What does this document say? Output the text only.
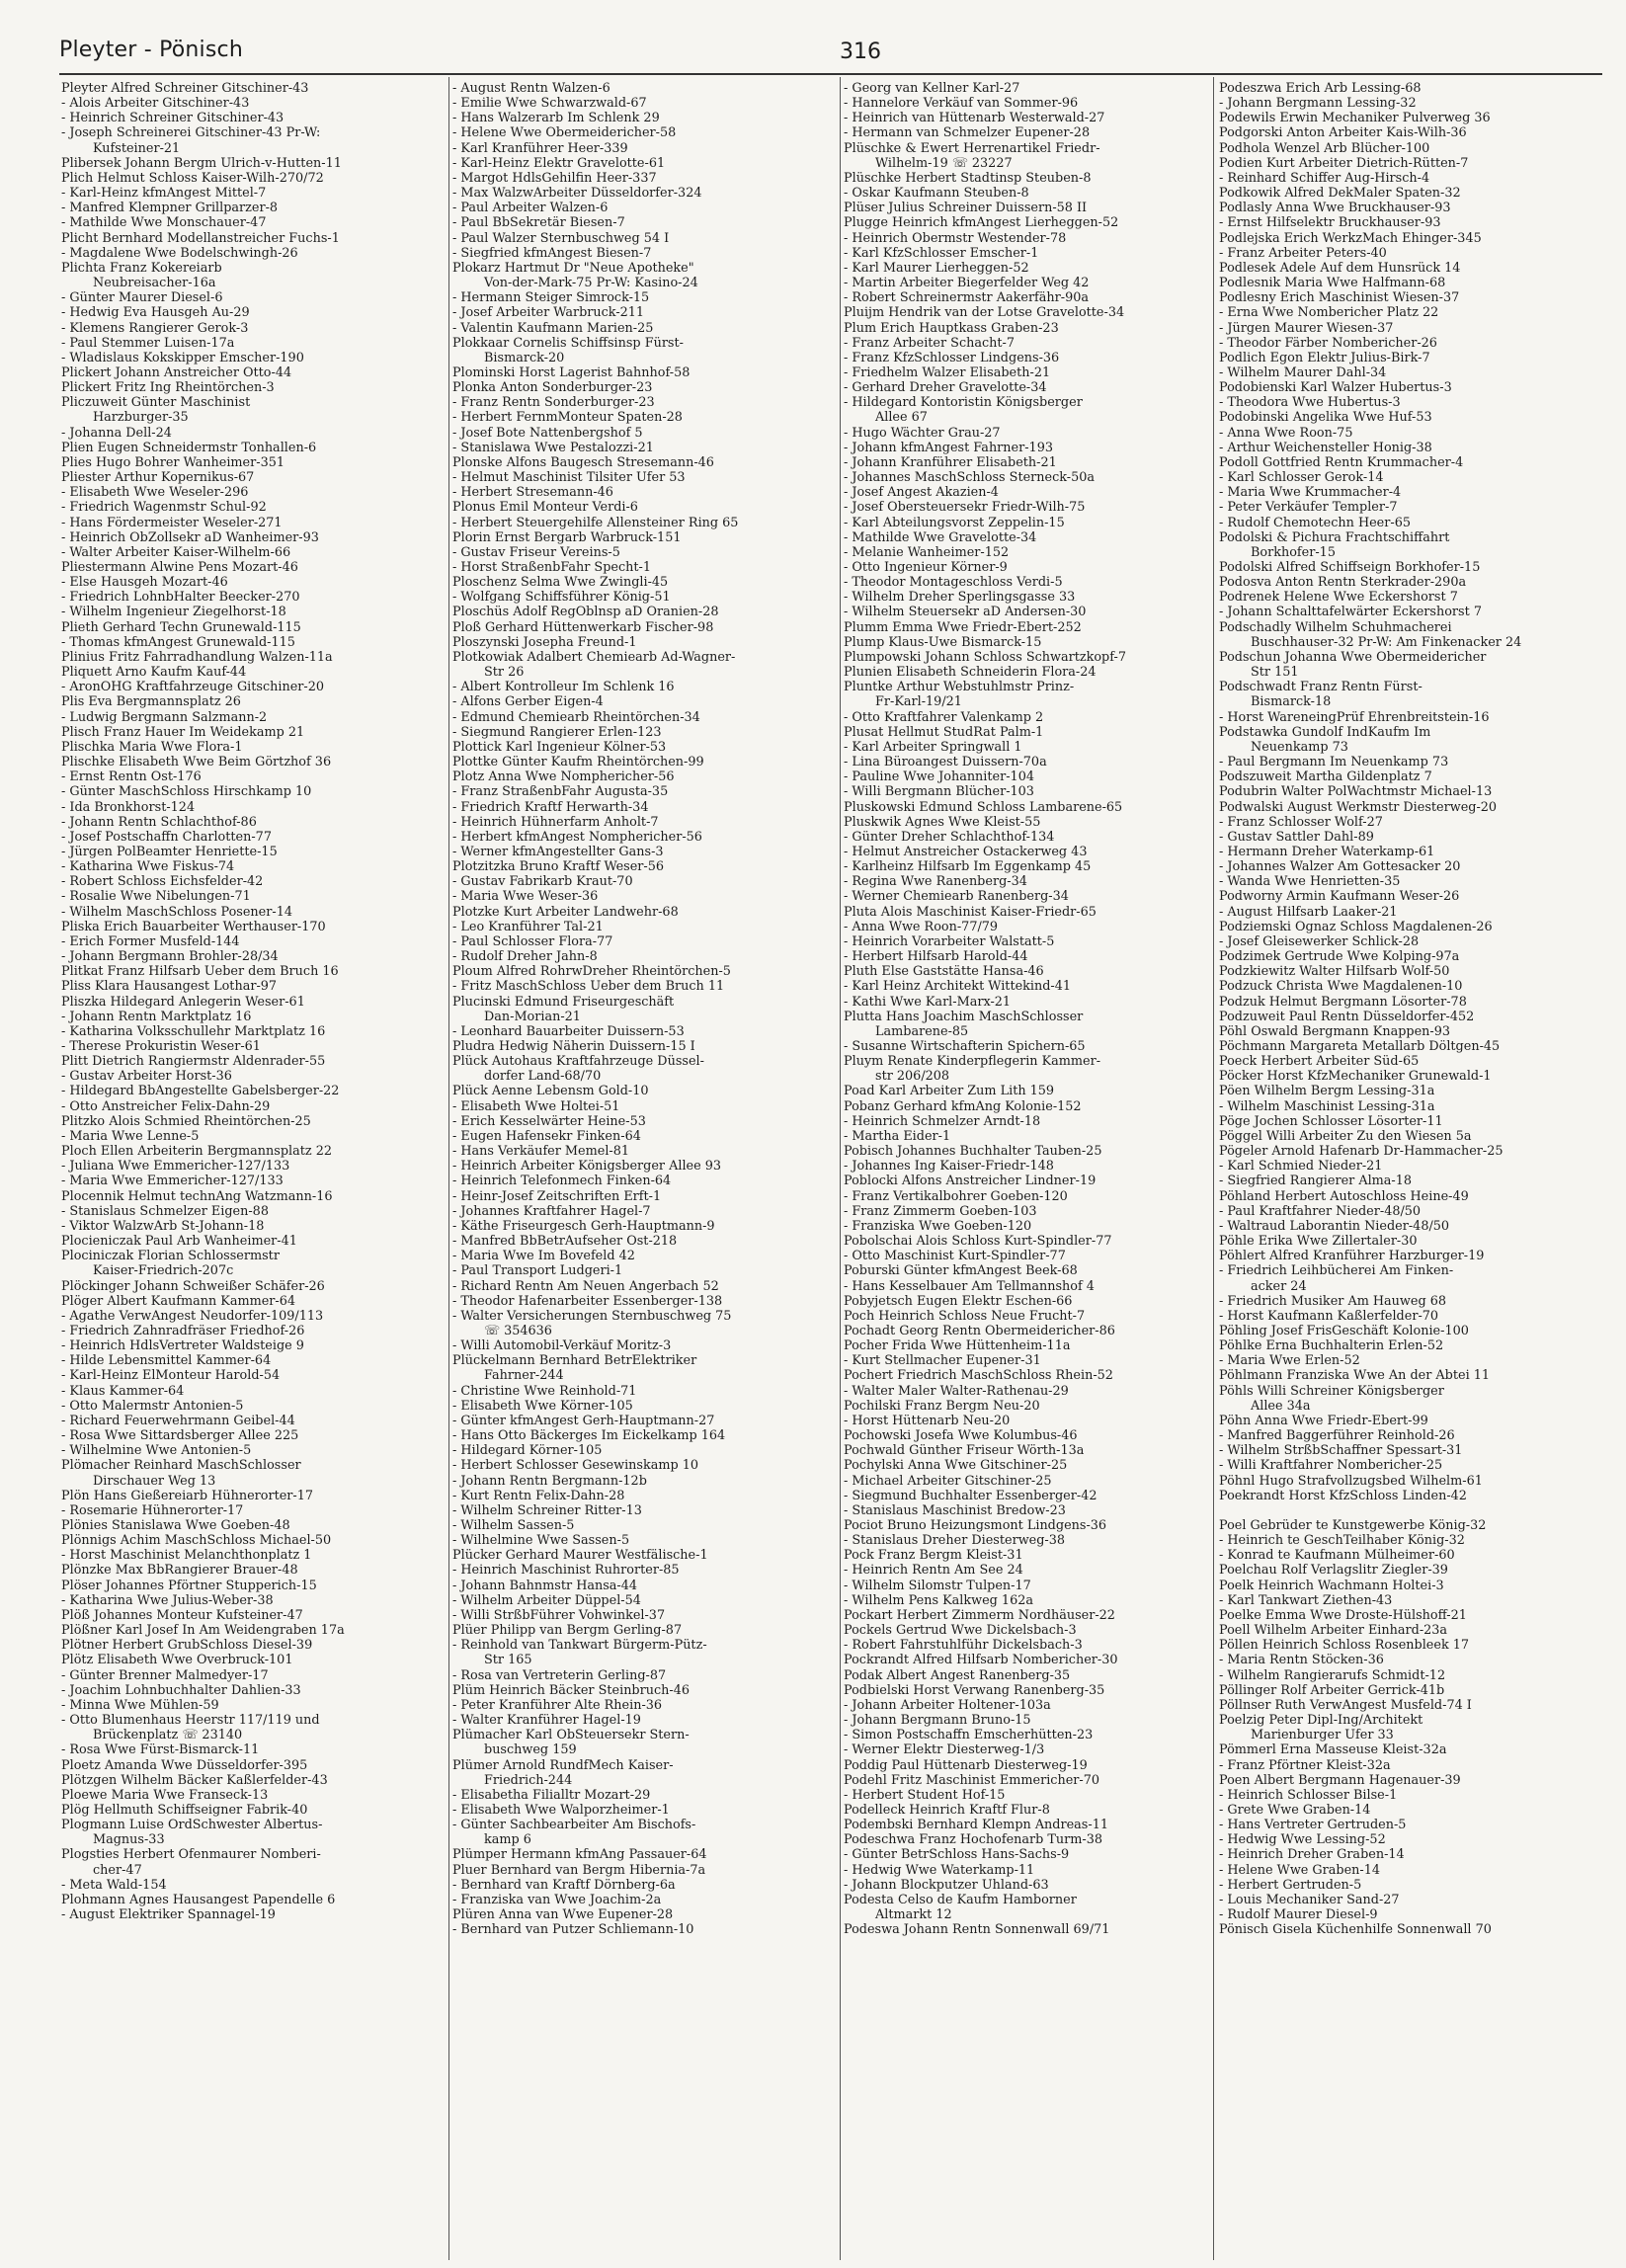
Pleyter - Pönisch	316
Pleyter Alfred Schreiner Gitschiner-43
- Alois Arbeiter Gitschiner-43
- Heinrich Schreiner Gitschiner-43
- Joseph Schreinerei Gitschiner-43 Pr-W:
Kufsteiner-21
Plibersek Johann Bergm Ulrich-v-Hutten-11
Plich Helmut Schloss Kaiser-Wilh-270/72
- Karl-Heinz kfmAngest Mittel-7
- Manfred Klempner Grillparzer-8
- Mathilde Wwe Monschauer-47
Plicht Bernhard Modellanstreicher Fuchs-1
- Magdalene Wwe Bodelschwingh-26
Plichta Franz Kokereiarb
Neubreisacher-16a
- Günter Maurer Diesel-6
- Hedwig Eva Hausgeh Au-29
- Klemens Rangierer Gerok-3
- Paul Stemmer Luisen-17a
- Wladislaus Kokskipper Emscher-190
Plickert Johann Anstreicher Otto-44
Plickert Fritz Ing Rheintörchen-3
Pliczuweit Günter Maschinist
Harzburger-35
- Johanna Dell-24
Plien Eugen Schneidermstr Tonhallen-6
Plies Hugo Bohrer Wanheimer-351
Pliester Arthur Kopernikus-67
- Elisabeth Wwe Weseler-296
- Friedrich Wagenmstr Schul-92
- Hans Fördermeister Weseler-271
- Heinrich ObZollsekr aD Wanheimer-93
- Walter Arbeiter Kaiser-Wilhelm-66
Pliestermann Alwine Pens Mozart-46
- Else Hausgeh Mozart-46
- Friedrich LohnbHalter Beecker-270
- Wilhelm Ingenieur Ziegelhorst-18
Plieth Gerhard Techn Grunewald-115
- Thomas kfmAngest Grunewald-115
Plinius Fritz Fahrradhandlung Walzen-11a
Pliquett Arno Kaufm Kauf-44
- AronOHG Kraftfahrzeuge Gitschiner-20
Plis Eva Bergmannsplatz 26
- Ludwig Bergmann Salzmann-2
Plisch Franz Hauer Im Weidekamp 21
Plischka Maria Wwe Flora-1
Plischke Elisabeth Wwe Beim Görtzhof 36
- Ernst Rentn Ost-176
- Günter MaschSchloss Hirschkamp 10
- Ida Bronkhorst-124
- Johann Rentn Schlachthof-86
- Josef Postschaffn Charlotten-77
- Jürgen PolBeamter Henriette-15
- Katharina Wwe Fiskus-74
- Robert Schloss Eichsfelder-42
- Rosalie Wwe Nibelungen-71
- Wilhelm MaschSchloss Posener-14
Pliska Erich Bauarbeiter Werthauser-170
- Erich Former Musfeld-144
- Johann Bergmann Brohler-28/34
Plitkat Franz Hilfsarb Ueber dem Bruch 16
Pliss Klara Hausangest Lothar-97
Pliszka Hildegard Anlegerin Weser-61
- Johann Rentn Marktplatz 16
- Katharina Volksschullehr Marktplatz 16
- Therese Prokuristin Weser-61
Plitt Dietrich Rangiermstr Aldenrader-55
- Gustav Arbeiter Horst-36
- Hildegard BbAngestellte Gabelsberger-22
- Otto Anstreicher Felix-Dahn-29
Plitzko Alois Schmied Rheintörchen-25
- Maria Wwe Lenne-5
Ploch Ellen Arbeiterin Bergmannsplatz 22
- Juliana Wwe Emmericher-127/133
- Maria Wwe Emmericher-127/133
Plocennik Helmut technAng Watzmann-16
- Stanislaus Schmelzer Eigen-88
- Viktor WalzwArb St-Johann-18
Plocieniczak Paul Arb Wanheimer-41
Plociniczak Florian Schlossermstr
Kaiser-Friedrich-207c
Plöckinger Johann Schweißer Schäfer-26
Plöger Albert Kaufmann Kammer-64
- Agathe VerwAngest Neudorfer-109/113
- Friedrich Zahnradfräser Friedhof-26
- Heinrich HdlsVertreter Waldsteige 9
- Hilde Lebensmittel Kammer-64
- Karl-Heinz ElMonteur Harold-54
- Klaus Kammer-64
- Otto Malermstr Antonien-5
- Richard Feuerwehrmann Geibel-44
- Rosa Wwe Sittardsberger Allee 225
- Wilhelmine Wwe Antonien-5
Plömacher Reinhard MaschSchlosser
Dirschauer Weg 13
Plön Hans Gießereiarb Hühnerorter-17
- Rosemarie Hühnerorter-17
Plönies Stanislawa Wwe Goeben-48
Plönnigs Achim MaschSchloss Michael-50
- Horst Maschinist Melanchthonplatz 1
Plönzke Max BbRangierer Brauer-48
Plöser Johannes Pförtner Stupperich-15
- Katharina Wwe Julius-Weber-38
Plöß Johannes Monteur Kufsteiner-47
Plößner Karl Josef In Am Weidengraben 17a
Plötner Herbert GrubSchloss Diesel-39
Plötz Elisabeth Wwe Overbruck-101
- Günter Brenner Malmedyer-17
- Joachim Lohnbuchhalter Dahlien-33
- Minna Wwe Mühlen-59
- Otto Blumenhaus Heerstr 117/119 und
Brückenplatz ☏ 23140
- Rosa Wwe Fürst-Bismarck-11
Ploetz Amanda Wwe Düsseldorfer-395
Plötzgen Wilhelm Bäcker Kaßlerfelder-43
Ploewe Maria Wwe Franseck-13
Plög Hellmuth Schiffseigner Fabrik-40
Plogmann Luise OrdSchwester Albertus-
Magnus-33
Plogsties Herbert Ofenmaurer Nomberi-
cher-47
- Meta Wald-154
Plohmann Agnes Hausangest Papendelle 6
- August Elektriker Spannagel-19
- August Rentn Walzen-6
- Emilie Wwe Schwarzwald-67
- Hans Walzerarb Im Schlenk 29
- Helene Wwe Obermeidericher-58
- Karl Kranführer Heer-339
- Karl-Heinz Elektr Gravelotte-61
- Margot HdlsGehilfin Heer-337
- Max WalzwArbeiter Düsseldorfer-324
- Paul Arbeiter Walzen-6
- Paul BbSekretär Biesen-7
- Paul Walzer Sternbuschweg 54 I
- Siegfried kfmAngest Biesen-7
Plokarz Hartmut Dr "Neue Apotheke"
Von-der-Mark-75 Pr-W: Kasino-24
- Hermann Steiger Simrock-15
- Josef Arbeiter Warbruck-211
- Valentin Kaufmann Marien-25
Plokkaar Cornelis Schiffsinsp Fürst-
Bismarck-20
Plominski Horst Lagerist Bahnhof-58
Plonka Anton Sonderburger-23
- Franz Rentn Sonderburger-23
- Herbert FernmMonteur Spaten-28
- Josef Bote Nattenbergshof 5
- Stanislawa Wwe Pestalozzi-21
Plonske Alfons Baugesch Stresemann-46
- Helmut Maschinist Tilsiter Ufer 53
- Herbert Stresemann-46
Plonus Emil Monteur Verdi-6
- Herbert Steuergehilfe Allensteiner Ring 65
Plorin Ernst Bergarb Warbruck-151
- Gustav Friseur Vereins-5
- Horst StraßenbFahr Specht-1
Ploschenz Selma Wwe Zwingli-45
- Wolfgang Schiffsführer König-51
Ploschüs Adolf RegOblnsp aD Oranien-28
Ploß Gerhard Hüttenwerkarb Fischer-98
Ploszynski Josepha Freund-1
Plotkowiak Adalbert Chemiearb Ad-Wagner-
Str 26
- Albert Kontrolleur Im Schlenk 16
- Alfons Gerber Eigen-4
- Edmund Chemiearb Rheintörchen-34
- Siegmund Rangierer Erlen-123
Plottick Karl Ingenieur Kölner-53
Plottke Günter Kaufm Rheintörchen-99
Plotz Anna Wwe Nomphericher-56
- Franz StraßenbFahr Augusta-35
- Friedrich Kraftf Herwarth-34
- Heinrich Hühnerfarm Anholt-7
- Herbert kfmAngest Nomphericher-56
- Werner kfmAngestellter Gans-3
Plotzitzka Bruno Kraftf Weser-56
- Gustav Fabrikarb Kraut-70
- Maria Wwe Weser-36
Plotzke Kurt Arbeiter Landwehr-68
- Leo Kranführer Tal-21
- Paul Schlosser Flora-77
- Rudolf Dreher Jahn-8
Ploum Alfred RohrwDreher Rheintörchen-5
- Fritz MaschSchloss Ueber dem Bruch 11
Plucinski Edmund Friseurgeschäft
Dan-Morian-21
- Leonhard Bauarbeiter Duissern-53
Pludra Hedwig Näherin Duissern-15 I
Plück Autohaus Kraftfahrzeuge Düssel-
dorfer Land-68/70
Plück Aenne Lebensm Gold-10
- Elisabeth Wwe Holtei-51
- Erich Kesselwärter Heine-53
- Eugen Hafensekr Finken-64
- Hans Verkäufer Memel-81
- Heinrich Arbeiter Königsberger Allee 93
- Heinrich Telefonmech Finken-64
- Heinr-Josef Zeitschriften Erft-1
- Johannes Kraftfahrer Hagel-7
- Käthe Friseurgesch Gerh-Hauptmann-9
- Manfred BbBetrAufseher Ost-218
- Maria Wwe Im Bovefeld 42
- Paul Transport Ludgeri-1
- Richard Rentn Am Neuen Angerbach 52
- Theodor Hafenarbeiter Essenberger-138
- Walter Versicherungen Sternbuschweg 75
☏ 354636
- Willi Automobil-Verkäuf Moritz-3
Plückelmann Bernhard BetrElektriker
Fahrner-244
- Christine Wwe Reinhold-71
- Elisabeth Wwe Körner-105
- Günter kfmAngest Gerh-Hauptmann-27
- Hans Otto Bäckerges Im Eickelkamp 164
- Hildegard Körner-105
- Herbert Schlosser Gesewinskamp 10
- Johann Rentn Bergmann-12b
- Kurt Rentn Felix-Dahn-28
- Wilhelm Schreiner Ritter-13
- Wilhelm Sassen-5
- Wilhelmine Wwe Sassen-5
Plücker Gerhard Maurer Westfälische-1
- Heinrich Maschinist Ruhrorter-85
- Johann Bahnmstr Hansa-44
- Wilhelm Arbeiter Düppel-54
- Willi StrßbFührer Vohwinkel-37
Plüer Philipp van Bergm Gerling-87
- Reinhold van Tankwart Bürgerm-Pütz-
Str 165
- Rosa van Vertreterin Gerling-87
Plüm Heinrich Bäcker Steinbruch-46
- Peter Kranführer Alte Rhein-36
- Walter Kranführer Hagel-19
Plümacher Karl ObSteuersekr Stern-
buschweg 159
Plümer Arnold RundfMech Kaiser-
Friedrich-244
- Elisabetha Filialltr Mozart-29
- Elisabeth Wwe Walporzheimer-1
- Günter Sachbearbeiter Am Bischofs-
kamp 6
Plümper Hermann kfmAng Passauer-64
Pluer Bernhard van Bergm Hibernia-7a
- Bernhard van Kraftf Dörnberg-6a
- Franziska van Wwe Joachim-2a
Plüren Anna van Wwe Eupener-28
- Bernhard van Putzer Schliemann-10
- Georg van Kellner Karl-27
- Hannelore Verkäuf van Sommer-96
- Heinrich van Hüttenarb Westerwald-27
- Hermann van Schmelzer Eupener-28
Plüschke & Ewert Herrenartikel Friedr-
Wilhelm-19 ☏ 23227
Plüschke Herbert Stadtinsp Steuben-8
- Oskar Kaufmann Steuben-8
Plüser Julius Schreiner Duissern-58 II
Plugge Heinrich kfmAngest Lierheggen-52
- Heinrich Obermstr Westender-78
- Karl KfzSchlosser Emscher-1
- Karl Maurer Lierheggen-52
- Martin Arbeiter Biegerfelder Weg 42
- Robert Schreinermstr Aakerfähr-90a
Pluijm Hendrik van der Lotse Gravelotte-34
Plum Erich Hauptkass Graben-23
- Franz Arbeiter Schacht-7
- Franz KfzSchlosser Lindgens-36
- Friedhelm Walzer Elisabeth-21
- Gerhard Dreher Gravelotte-34
- Hildegard Kontoristin Königsberger
Allee 67
- Hugo Wächter Grau-27
- Johann kfmAngest Fahrner-193
- Johann Kranführer Elisabeth-21
- Johannes MaschSchloss Sterneck-50a
- Josef Angest Akazien-4
- Josef Obersteuersekr Friedr-Wilh-75
- Karl Abteilungsvorst Zeppelin-15
- Mathilde Wwe Gravelotte-34
- Melanie Wanheimer-152
- Otto Ingenieur Körner-9
- Theodor Montageschloss Verdi-5
- Wilhelm Dreher Sperlingsgasse 33
- Wilhelm Steuersekr aD Andersen-30
Plumm Emma Wwe Friedr-Ebert-252
Plump Klaus-Uwe Bismarck-15
Plumpowski Johann Schloss Schwartzkopf-7
Plunien Elisabeth Schneiderin Flora-24
Pluntke Arthur Webstuhlmstr Prinz-
Fr-Karl-19/21
- Otto Kraftfahrer Valenkamp 2
Plusat Hellmut StudRat Palm-1
- Karl Arbeiter Springwall 1
- Lina Büroangest Duissern-70a
- Pauline Wwe Johanniter-104
- Willi Bergmann Blücher-103
Pluskowski Edmund Schloss Lambarene-65
Pluskwik Agnes Wwe Kleist-55
- Günter Dreher Schlachthof-134
- Helmut Anstreicher Ostackerweg 43
- Karlheinz Hilfsarb Im Eggenkamp 45
- Regina Wwe Ranenberg-34
- Werner Chemiearb Ranenberg-34
Pluta Alois Maschinist Kaiser-Friedr-65
- Anna Wwe Roon-77/79
- Heinrich Vorarbeiter Walstatt-5
- Herbert Hilfsarb Harold-44
Pluth Else Gaststätte Hansa-46
- Karl Heinz Architekt Wittekind-41
- Kathi Wwe Karl-Marx-21
Plutta Hans Joachim MaschSchlosser
Lambarene-85
- Susanne Wirtschafterin Spichern-65
Pluym Renate Kinderpflegerin Kammer-
str 206/208
Poad Karl Arbeiter Zum Lith 159
Pobanz Gerhard kfmAng Kolonie-152
- Heinrich Schmelzer Arndt-18
- Martha Eider-1
Pobisch Johannes Buchhalter Tauben-25
- Johannes Ing Kaiser-Friedr-148
Poblocki Alfons Anstreicher Lindner-19
- Franz Vertikalbohrer Goeben-120
- Franz Zimmerm Goeben-103
- Franziska Wwe Goeben-120
Pobolschai Alois Schloss Kurt-Spindler-77
- Otto Maschinist Kurt-Spindler-77
Poburski Günter kfmAngest Beek-68
- Hans Kesselbauer Am Tellmannshof 4
Pobyjetsch Eugen Elektr Eschen-66
Poch Heinrich Schloss Neue Frucht-7
Pochadt Georg Rentn Obermeidericher-86
Pocher Frida Wwe Hüttenheim-11a
- Kurt Stellmacher Eupener-31
Pochert Friedrich MaschSchloss Rhein-52
- Walter Maler Walter-Rathenau-29
Pochilski Franz Bergm Neu-20
- Horst Hüttenarb Neu-20
Pochowski Josefa Wwe Kolumbus-46
Pochwald Günther Friseur Wörth-13a
Pochylski Anna Wwe Gitschiner-25
- Michael Arbeiter Gitschiner-25
- Siegmund Buchhalter Essenberger-42
- Stanislaus Maschinist Bredow-23
Pociot Bruno Heizungsmont Lindgens-36
- Stanislaus Dreher Diesterweg-38
Pock Franz Bergm Kleist-31
- Heinrich Rentn Am See 24
- Wilhelm Silomstr Tulpen-17
- Wilhelm Pens Kalkweg 162a
Pockart Herbert Zimmerm Nordhäuser-22
Pockels Gertrud Wwe Dickelsbach-3
- Robert Fahrstuhlführ Dickelsbach-3
Pockrandt Alfred Hilfsarb Nombericher-30
Podak Albert Angest Ranenberg-35
Podbielski Horst Verwang Ranenberg-35
- Johann Arbeiter Holtener-103a
- Johann Bergmann Bruno-15
- Simon Postschaffn Emscherhütten-23
- Werner Elektr Diesterweg-1/3
Poddig Paul Hüttenarb Diesterweg-19
Podehl Fritz Maschinist Emmericher-70
- Herbert Student Hof-15
Podelleck Heinrich Kraftf Flur-8
Podembski Bernhard Klempn Andreas-11
Podeschwa Franz Hochofenarb Turm-38
- Günter BetrSchloss Hans-Sachs-9
- Hedwig Wwe Waterkamp-11
- Johann Blockputzer Uhland-63
Podesta Celso de Kaufm Hamborner
Altmarkt 12
Podeswa Johann Rentn Sonnenwall 69/71
Podeszwa Erich Arb Lessing-68
- Johann Bergmann Lessing-32
Podewils Erwin Mechaniker Pulverweg 36
Podgorski Anton Arbeiter Kais-Wilh-36
Podhola Wenzel Arb Blücher-100
Podien Kurt Arbeiter Dietrich-Rütten-7
- Reinhard Schiffer Aug-Hirsch-4
Podkowik Alfred DekMaler Spaten-32
Podlasly Anna Wwe Bruckhauser-93
- Ernst Hilfselektr Bruckhauser-93
Podlejska Erich WerkzMach Ehinger-345
- Franz Arbeiter Peters-40
Podlesek Adele Auf dem Hunsrück 14
Podlesnik Maria Wwe Halfmann-68
Podlesny Erich Maschinist Wiesen-37
- Erna Wwe Nombericher Platz 22
- Jürgen Maurer Wiesen-37
- Theodor Färber Nombericher-26
Podlich Egon Elektr Julius-Birk-7
- Wilhelm Maurer Dahl-34
Podobienski Karl Walzer Hubertus-3
- Theodora Wwe Hubertus-3
Podobinski Angelika Wwe Huf-53
- Anna Wwe Roon-75
- Arthur Weichensteller Honig-38
Podoll Gottfried Rentn Krummacher-4
- Karl Schlosser Gerok-14
- Maria Wwe Krummacher-4
- Peter Verkäufer Templer-7
- Rudolf Chemotechn Heer-65
Podolski & Pichura Frachtschiffahrt
Borkhofer-15
Podolski Alfred Schiffseign Borkhofer-15
Podosva Anton Rentn Sterkrader-290a
Podrenek Helene Wwe Eckershorst 7
- Johann Schalttafelwärter Eckershorst 7
Podschadly Wilhelm Schuhmacherei
Buschhauser-32 Pr-W: Am Finkenacker 24
Podschun Johanna Wwe Obermeidericher
Str 151
Podschwadt Franz Rentn Fürst-
Bismarck-18
- Horst WareneingPrüf Ehrenbreitstein-16
Podstawka Gundolf IndKaufm Im
Neuenkamp 73
- Paul Bergmann Im Neuenkamp 73
Podszuweit Martha Gildenplatz 7
Podubrin Walter PolWachtmstr Michael-13
Podwalski August Werkmstr Diesterweg-20
- Franz Schlosser Wolf-27
- Gustav Sattler Dahl-89
- Hermann Dreher Waterkamp-61
- Johannes Walzer Am Gottesacker 20
- Wanda Wwe Henrietten-35
Podworny Armin Kaufmann Weser-26
- August Hilfsarb Laaker-21
Podziemski Ognaz Schloss Magdalenen-26
- Josef Gleisewerker Schlick-28
Podzimek Gertrude Wwe Kolping-97a
Podzkiewitz Walter Hilfsarb Wolf-50
Podzuck Christa Wwe Magdalenen-10
Podzuk Helmut Bergmann Lösorter-78
Podzuweit Paul Rentn Düsseldorfer-452
Pöhl Oswald Bergmann Knappen-93
Pöchmann Margareta Metallarb Döltgen-45
Poeck Herbert Arbeiter Süd-65
Pöcker Horst KfzMechaniker Grunewald-1
Pöen Wilhelm Bergm Lessing-31a
- Wilhelm Maschinist Lessing-31a
Pöge Jochen Schlosser Lösorter-11
Pöggel Willi Arbeiter Zu den Wiesen 5a
Pögeler Arnold Hafenarb Dr-Hammacher-25
- Karl Schmied Nieder-21
- Siegfried Rangierer Alma-18
Pöhland Herbert Autoschloss Heine-49
- Paul Kraftfahrer Nieder-48/50
- Waltraud Laborantin Nieder-48/50
Pöhle Erika Wwe Zillertaler-30
Pöhlert Alfred Kranführer Harzburger-19
- Friedrich Leihbücherei Am Finken-
acker 24
- Friedrich Musiker Am Hauweg 68
- Horst Kaufmann Kaßlerfelder-70
Pöhling Josef FrisGeschäft Kolonie-100
Pöhlke Erna Buchhalterin Erlen-52
- Maria Wwe Erlen-52
Pöhlmann Franziska Wwe An der Abtei 11
Pöhls Willi Schreiner Königsberger
Allee 34a
Pöhn Anna Wwe Friedr-Ebert-99
- Manfred Baggerführer Reinhold-26
- Wilhelm StrßbSchaffner Spessart-31
- Willi Kraftfahrer Nombericher-25
Pöhnl Hugo Strafvollzugsbed Wilhelm-61
Poekrandt Horst KfzSchloss Linden-42

Poel Gebrüder te Kunstgewerbe König-32
- Heinrich te GeschTeilhaber König-32
- Konrad te Kaufmann Mülheimer-60
Poelchau Rolf Verlagslitr Ziegler-39
Poelk Heinrich Wachmann Holtei-3
- Karl Tankwart Ziethen-43
Poelke Emma Wwe Droste-Hülshoff-21
Poell Wilhelm Arbeiter Einhard-23a
Pöllen Heinrich Schloss Rosenbleek 17
- Maria Rentn Stöcken-36
- Wilhelm Rangierarufs Schmidt-12
Pöllinger Rolf Arbeiter Gerrick-41b
Pöllnser Ruth VerwAngest Musfeld-74 I
Poelzig Peter Dipl-Ing/Architekt
Marienburger Ufer 33
Pömmerl Erna Masseuse Kleist-32a
- Franz Pförtner Kleist-32a
Poen Albert Bergmann Hagenauer-39
- Heinrich Schlosser Bilse-1
- Grete Wwe Graben-14
- Hans Vertreter Gertruden-5
- Hedwig Wwe Lessing-52
- Heinrich Dreher Graben-14
- Helene Wwe Graben-14
- Herbert Gertruden-5
- Louis Mechaniker Sand-27
- Rudolf Maurer Diesel-9
Pönisch Gisela Küchenhilfe Sonnenwall 70
